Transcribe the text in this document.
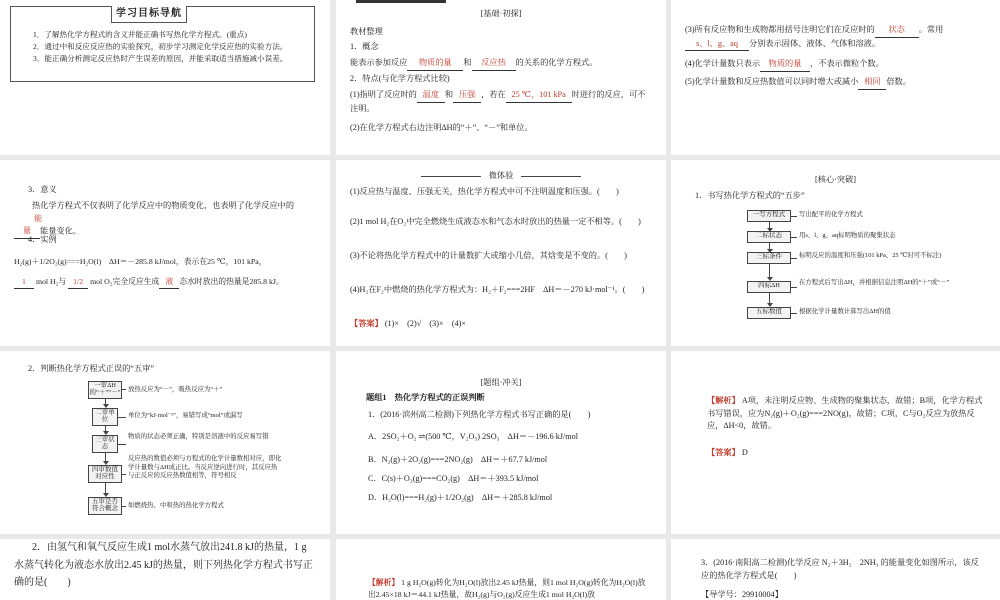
学习目标导航
1．了解热化学方程式的含义并能正确书写热化学方程式。(重点)
2．通过中和反应反应热的实验探究，初步学习测定化学反应热的实验方法。
3．能正确分析测定反应热时产生误差的原因，并能采取适当措施减小误差。
[基础·初探]
教材整理
1．概念
能表示参加反应 物质的量 和 反应热 的关系的化学方程式。
2．特点(与化学方程式比较)
(1)指明了反应时的 温度 和 压强 ，若在 25 ℃，101 kPa 时进行的反应，可不注明。
(2)在化学方程式右边注明ΔH的“＋”、“－”和单位。
(3)所有反应物和生成物都用括号注明它们在反应时的 状态 。常用
s、l、g、aq 分别表示固体、液体、气体和溶液。
(4)化学计量数只表示 物质的量 ，不表示微粒个数。
(5)化学计量数和反应热数值可以同时增大或减小 相同 倍数。
3．意义
热化学方程式不仅表明了化学反应中的物质变化，也表明了化学反应中的
能量 能量变化。
4．实例
H₂(g)＋1/2O₂(g)===H₂O(l)　ΔH＝－285.8 kJ/mol，表示在25 ℃，101 kPa，
1 mol H₂与 1/2 mol O₂完全反应生成 液 态水时放出的热量是285.8 kJ。
微体验
(1)反应热与温度、压强无关，热化学方程式中可不注明温度和压强。(　　)
(2)1 mol H₂在O₂中完全燃烧生成液态水和气态水时放出的热量一定不相等。(　　)
(3)不论将热化学方程式中的计量数扩大或缩小几倍，其焓变是不变的。(　　)
(4)H₂在F₂中燃烧的热化学方程式为：H₂＋F₂===2HF　ΔH＝－270 kJ·mol⁻¹。(　　)
【答案】 (1)×　(2)√　(3)×　(4)×
[核心·突破]
1．书写热化学方程式的“五步”
一写方程式	写出配平的化学方程式
二标状态	用s、l、g、aq标明物质的聚集状态
三标条件	标明反应的温度和压强(101 kPa、25 ℃时可不标注)
四标ΔH	在方程式后写出ΔH，并根据信息注明ΔH的“＋”或“－”
五标数值	根据化学计量数计算写出ΔH的值
2．判断热化学方程式正误的“五审”
一审ΔH的“＋”“－” 放热反应为“－”，吸热反应为“＋”
二审单位
单位为“kJ·mol⁻¹”，易错写成“mol”或漏写
三审状态
物质的状态必须正确，特别是溶液中的反应易写错
四审数值对应性
反应热的数值必须与方程式的化学计量数相对应，即化学计量数与ΔH成正比。当反应逆向进行时，其反应热与正反应的反应热数值相等，符号相反
五审是否符合概念	如燃烧热、中和热的热化学方程式
[题组·冲关]
题组1　热化学方程式的正误判断
1．(2016·滨州高二检测)下列热化学方程式书写正确的是(　　)
A．2SO₂＋O₂ ⇌(500 ℃，V₂O₅) 2SO₃　ΔH＝－196.6 kJ/mol
B．N₂(g)＋2O₂(g)===2NO₂(g)　ΔH＝＋67.7 kJ/mol
C．C(s)＋O₂(g)===CO₂(g)　ΔH＝＋393.5 kJ/mol
D．H₂O(l)===H₂(g)＋1/2O₂(g)　ΔH＝＋285.8 kJ/mol
【解析】 A项，未注明反应物、生成物的聚集状态，故错；B项，化学方程式书写错误，应为N₂(g)＋O₂(g)===2NO(g)，故错；C项，C与O₂反应为放热反应，ΔH<0，故错。
【答案】 D
2．由氢气和氧气反应生成1 mol水蒸气放出241.8 kJ的热量，1 g水蒸气转化为液态水放出2.45 kJ的热量，则下列热化学方程式书写正确的是(　　)	【解析】 1 g H₂O(g)转化为H₂O(l)放出2.45 kJ热量，则1 mol H₂O(g)转化为H₂O(l)放出2.45×18 kJ＝44.1 kJ热量，故H₂(g)与O₂(g)反应生成1 mol H₂O(l)放
3．(2016·南阳高二检测)化学反应 N₂＋3H₂　2NH₃ 的能量变化如图所示，该反应的热化学方程式是(　　)
【导学号：29910004】
